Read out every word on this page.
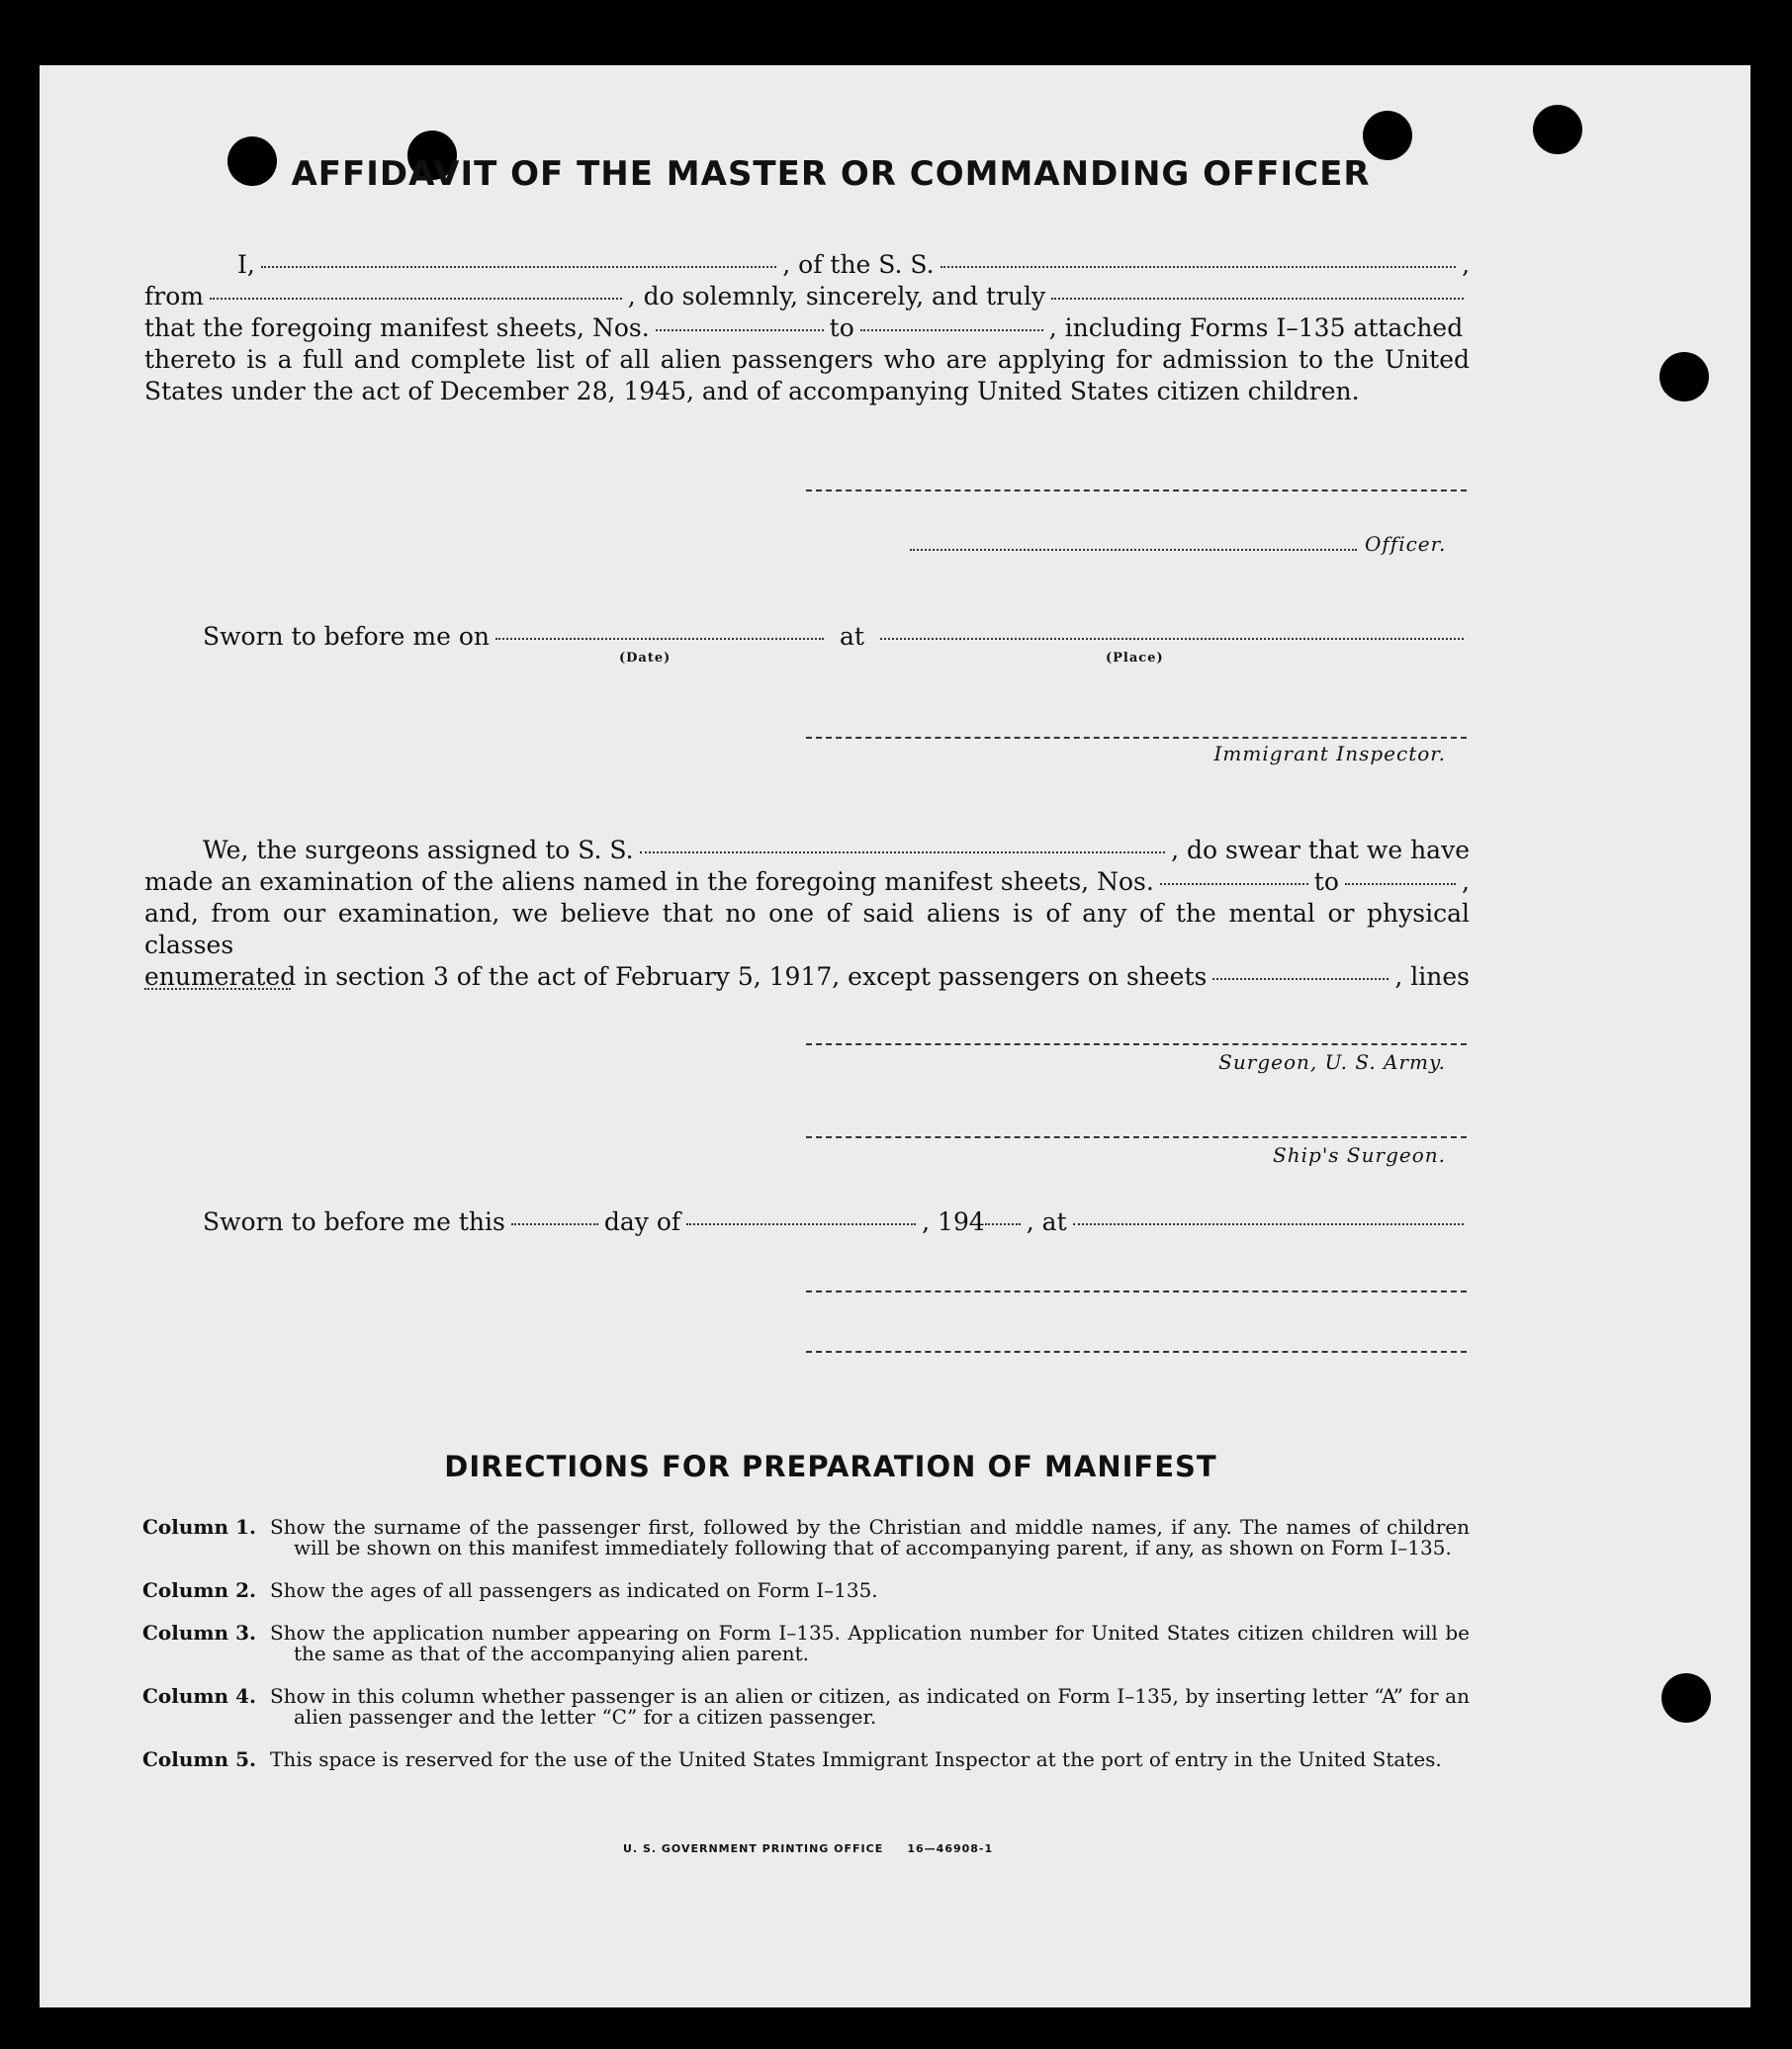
AFFIDAVIT OF THE MASTER OR COMMANDING OFFICER
I,	, of the S. S.	,
from	, do solemnly, sincerely, and truly
that the foregoing manifest sheets, Nos.	to	, including Forms I–135 attached

thereto is a full and complete list of all alien passengers who are applying for admission to the United

States under the act of December 28, 1945, and of accompanying United States citizen children.

Officer.
Sworn to before me on	at
(Date)	(Place)
Immigrant Inspector.
We, the surgeons assigned to S. S.	, do swear that we have
made an examination of the aliens named in the foregoing manifest sheets, Nos.	to	,

and, from our examination, we believe that no one of said aliens is of any of the mental or physical classes

enumerated in section 3 of the act of February 5, 1917, except passengers on sheets	, lines
Surgeon, U. S. Army.
Ship's Surgeon.
Sworn to before me this	day of	, 194 , at
DIRECTIONS FOR PREPARATION OF MANIFEST
Column 1. Show the surname of the passenger first, followed by the Christian and middle names, if any. The names of children will be shown on this manifest immediately following that of accompanying parent, if any, as shown on Form I–135.
Column 2. Show the ages of all passengers as indicated on Form I–135.
Column 3. Show the application number appearing on Form I–135. Application number for United States citizen children will be the same as that of the accompanying alien parent.
Column 4. Show in this column whether passenger is an alien or citizen, as indicated on Form I–135, by inserting letter “A” for an alien passenger and the letter “C” for a citizen passenger.
Column 5. This space is reserved for the use of the United States Immigrant Inspector at the port of entry in the United States.
U. S. GOVERNMENT PRINTING OFFICE     16—46908-1
